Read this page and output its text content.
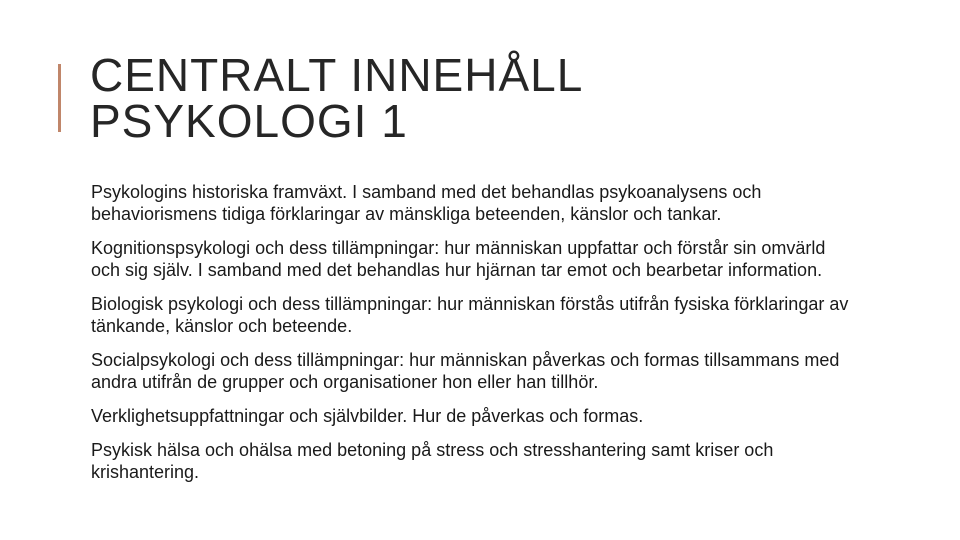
CENTRALT INNEHÅLL
PSYKOLOGI 1
Psykologins historiska framväxt. I samband med det behandlas psykoanalysens och behaviorismens tidiga förklaringar av mänskliga beteenden, känslor och tankar.
Kognitionspsykologi och dess tillämpningar: hur människan uppfattar och förstår sin omvärld och sig själv. I samband med det behandlas hur hjärnan tar emot och bearbetar information.
Biologisk psykologi och dess tillämpningar: hur människan förstås utifrån fysiska förklaringar av tänkande, känslor och beteende.
Socialpsykologi och dess tillämpningar: hur människan påverkas och formas tillsammans med andra utifrån de grupper och organisationer hon eller han tillhör.
Verklighetsuppfattningar och självbilder. Hur de påverkas och formas.
Psykisk hälsa och ohälsa med betoning på stress och stresshantering samt kriser och krishantering.
